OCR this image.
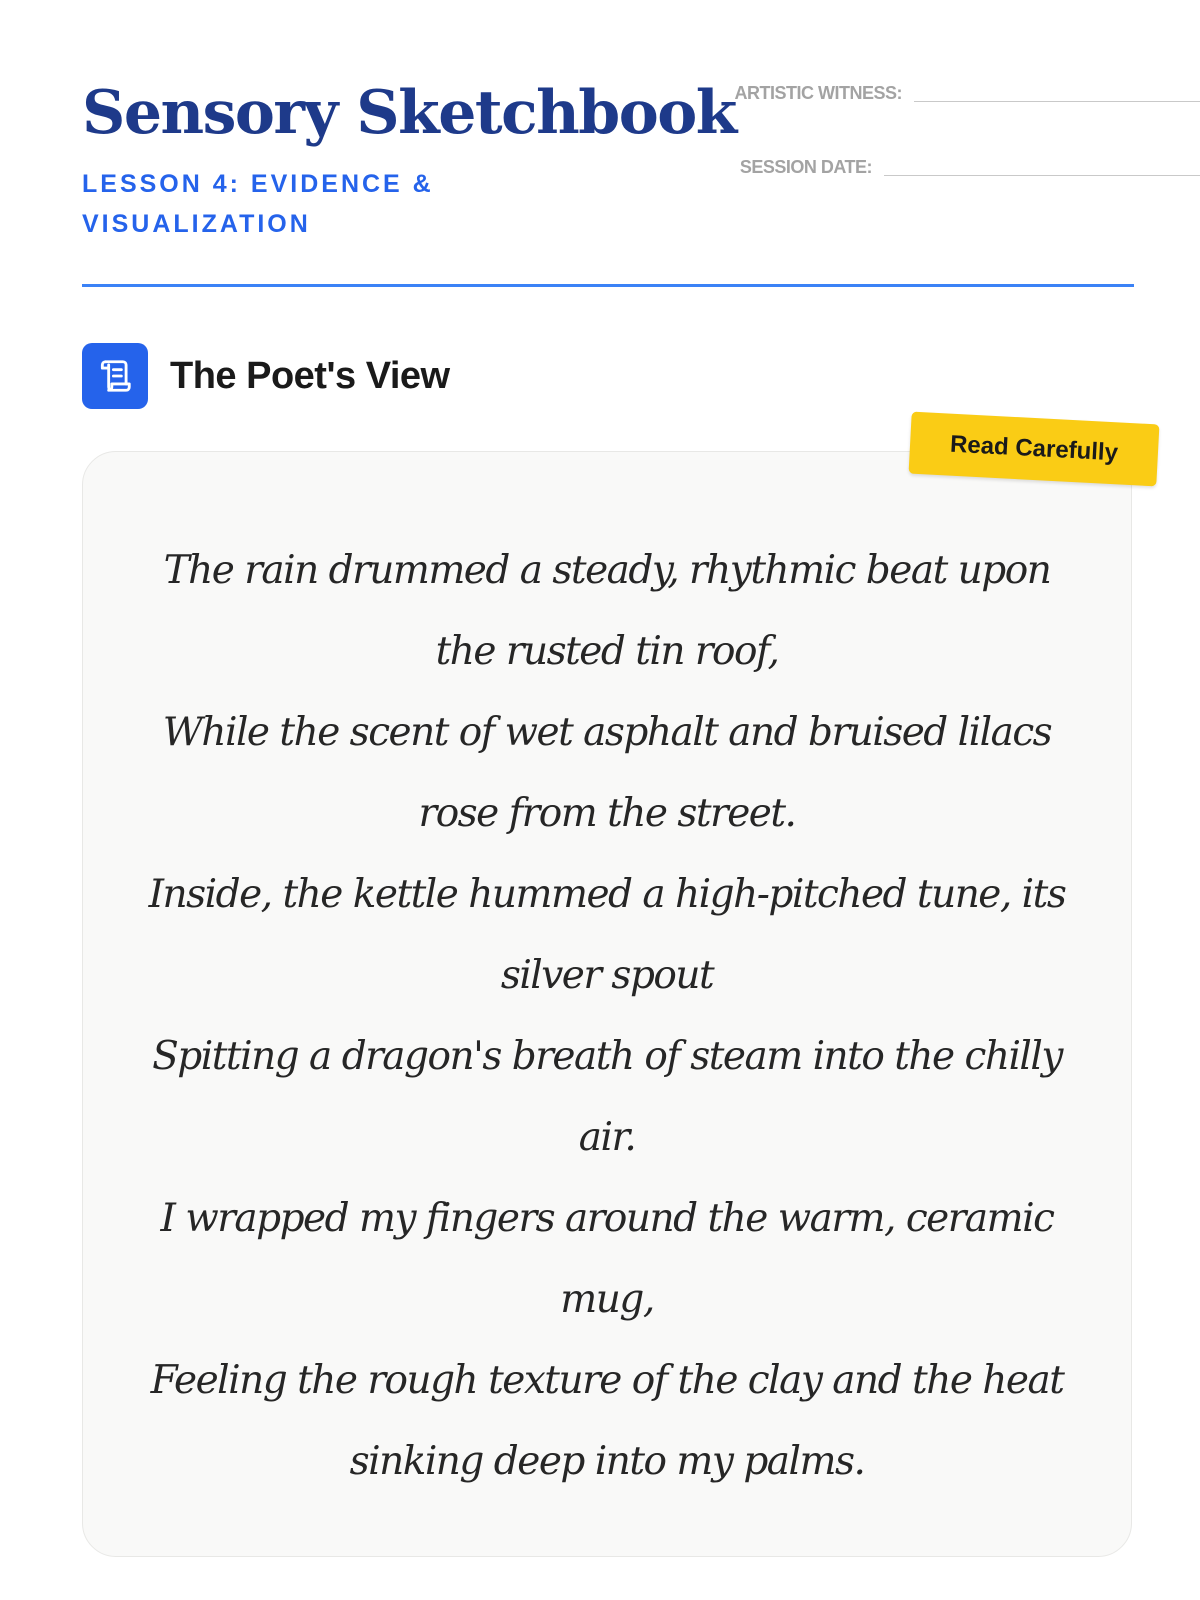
Sensory Sketchbook
LESSON 4: EVIDENCE & VISUALIZATION
ARTISTIC WITNESS:
SESSION DATE:
The Poet's View
The rain drummed a steady, rhythmic beat upon the rusted tin roof,
While the scent of wet asphalt and bruised lilacs rose from the street.
Inside, the kettle hummed a high-pitched tune, its silver spout
Spitting a dragon's breath of steam into the chilly air.
I wrapped my fingers around the warm, ceramic mug,
Feeling the rough texture of the clay and the heat sinking deep into my palms.
Read Carefully
